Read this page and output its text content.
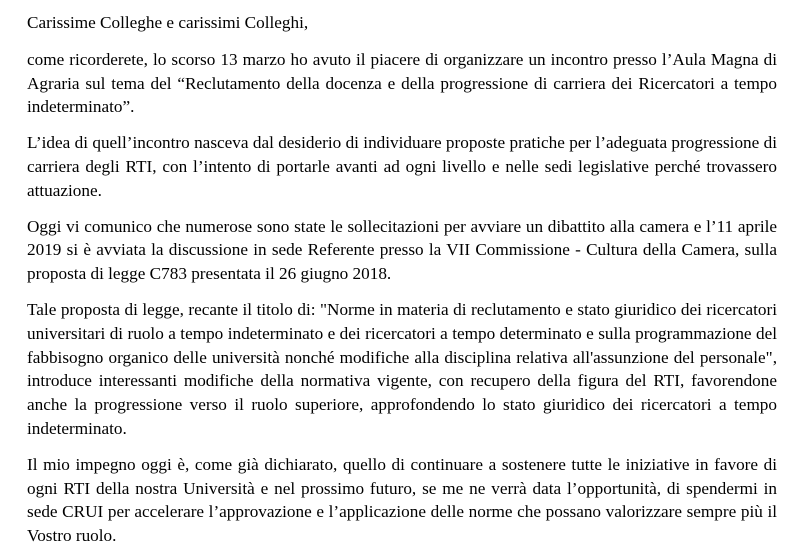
Carissime Colleghe e carissimi Colleghi,

come ricorderete, lo scorso 13 marzo ho avuto il piacere di organizzare un incontro presso l’Aula Magna di Agraria sul tema del “Reclutamento della docenza e della progressione di carriera dei Ricercatori a tempo indeterminato”.

L’idea di quell’incontro nasceva dal desiderio di individuare proposte pratiche per l’adeguata progressione di carriera degli RTI, con l’intento di portarle avanti ad ogni livello e nelle sedi legislative perché trovassero attuazione.

Oggi vi comunico che numerose sono state le sollecitazioni per avviare un dibattito alla camera e l’11 aprile 2019 si è avviata la discussione in sede Referente presso la VII Commissione - Cultura della Camera, sulla proposta di legge C783 presentata il 26 giugno 2018.

Tale proposta di legge, recante il titolo di: "Norme in materia di reclutamento e stato giuridico dei ricercatori universitari di ruolo a tempo indeterminato e dei ricercatori a tempo determinato e sulla programmazione del fabbisogno organico delle università nonché modifiche alla disciplina relativa all'assunzione del personale", introduce interessanti modifiche della normativa vigente, con recupero della figura del RTI, favorendone anche la progressione verso il ruolo superiore, approfondendo lo stato giuridico dei ricercatori a tempo indeterminato.

Il mio impegno oggi è, come già dichiarato, quello di continuare a sostenere tutte le iniziative in favore di ogni RTI della nostra Università e nel prossimo futuro, se me ne verrà data l’opportunità, di spendermi in sede CRUI per accelerare l’approvazione e l’applicazione delle norme che possano valorizzare sempre più il Vostro ruolo.
